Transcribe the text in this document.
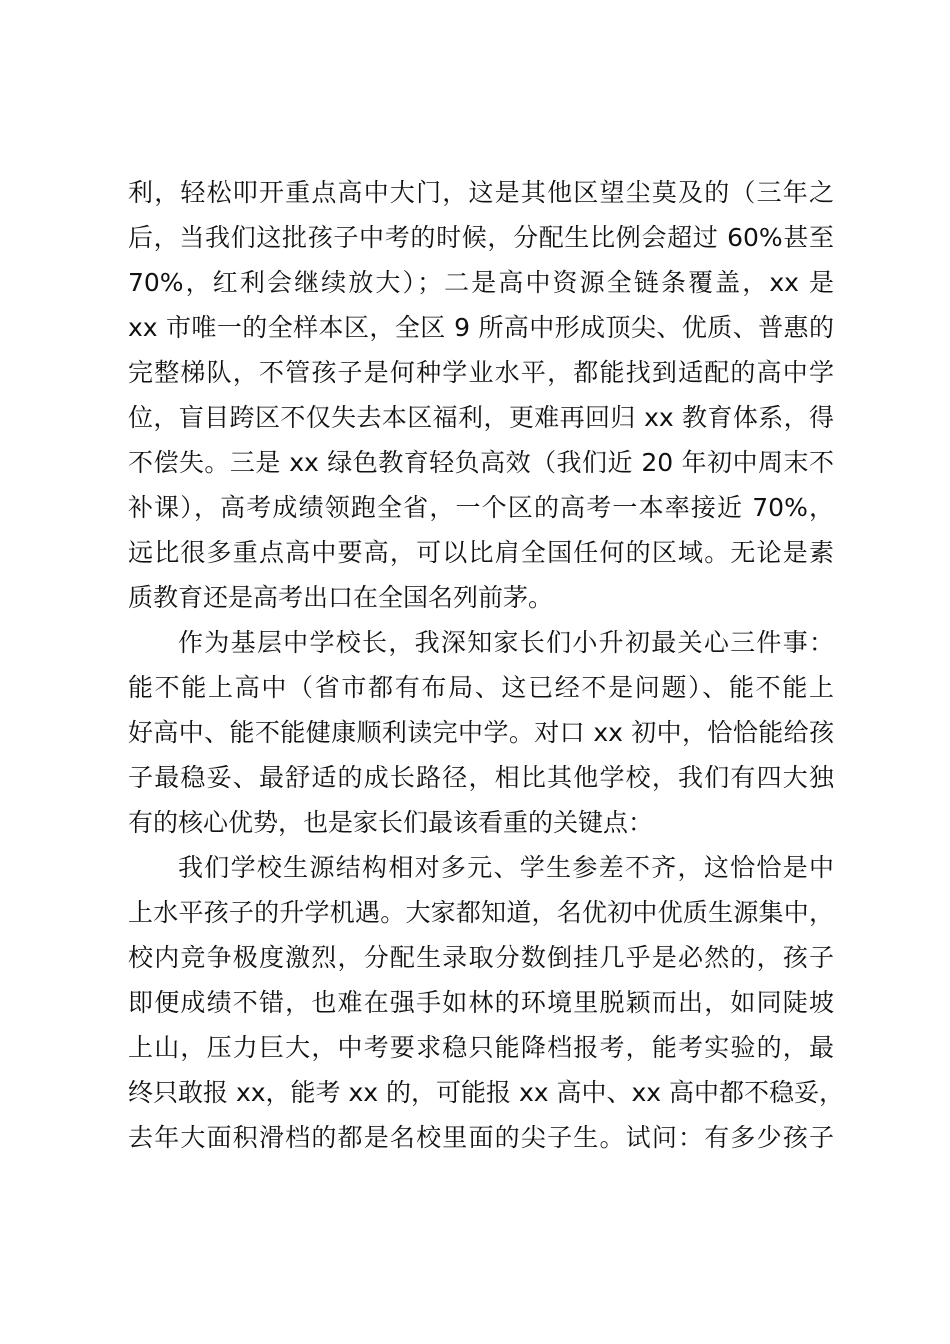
利，轻松叩开重点高中大门，这是其他区望尘莫及的（三年之
后，当我们这批孩子中考的时候，分配生比例会超过 60%甚至
70%，红利会继续放大）；二是高中资源全链条覆盖，xx 是
xx 市唯一的全样本区，全区 9 所高中形成顶尖、优质、普惠的
完整梯队，不管孩子是何种学业水平，都能找到适配的高中学
位，盲目跨区不仅失去本区福利，更难再回归 xx 教育体系，得
不偿失。三是 xx 绿色教育轻负高效（我们近 20 年初中周末不
补课），高考成绩领跑全省，一个区的高考一本率接近 70%，
远比很多重点高中要高，可以比肩全国任何的区域。无论是素
质教育还是高考出口在全国名列前茅。
作为基层中学校长，我深知家长们小升初最关心三件事：
能不能上高中（省市都有布局、这已经不是问题）、能不能上
好高中、能不能健康顺利读完中学。对口 xx 初中，恰恰能给孩
子最稳妥、最舒适的成长路径，相比其他学校，我们有四大独
有的核心优势，也是家长们最该看重的关键点：
我们学校生源结构相对多元、学生参差不齐，这恰恰是中
上水平孩子的升学机遇。大家都知道，名优初中优质生源集中，
校内竞争极度激烈，分配生录取分数倒挂几乎是必然的，孩子
即便成绩不错，也难在强手如林的环境里脱颖而出，如同陡坡
上山，压力巨大，中考要求稳只能降档报考，能考实验的，最
终只敢报 xx，能考 xx 的，可能报 xx 高中、xx 高中都不稳妥，
去年大面积滑档的都是名校里面的尖子生。试问：有多少孩子
